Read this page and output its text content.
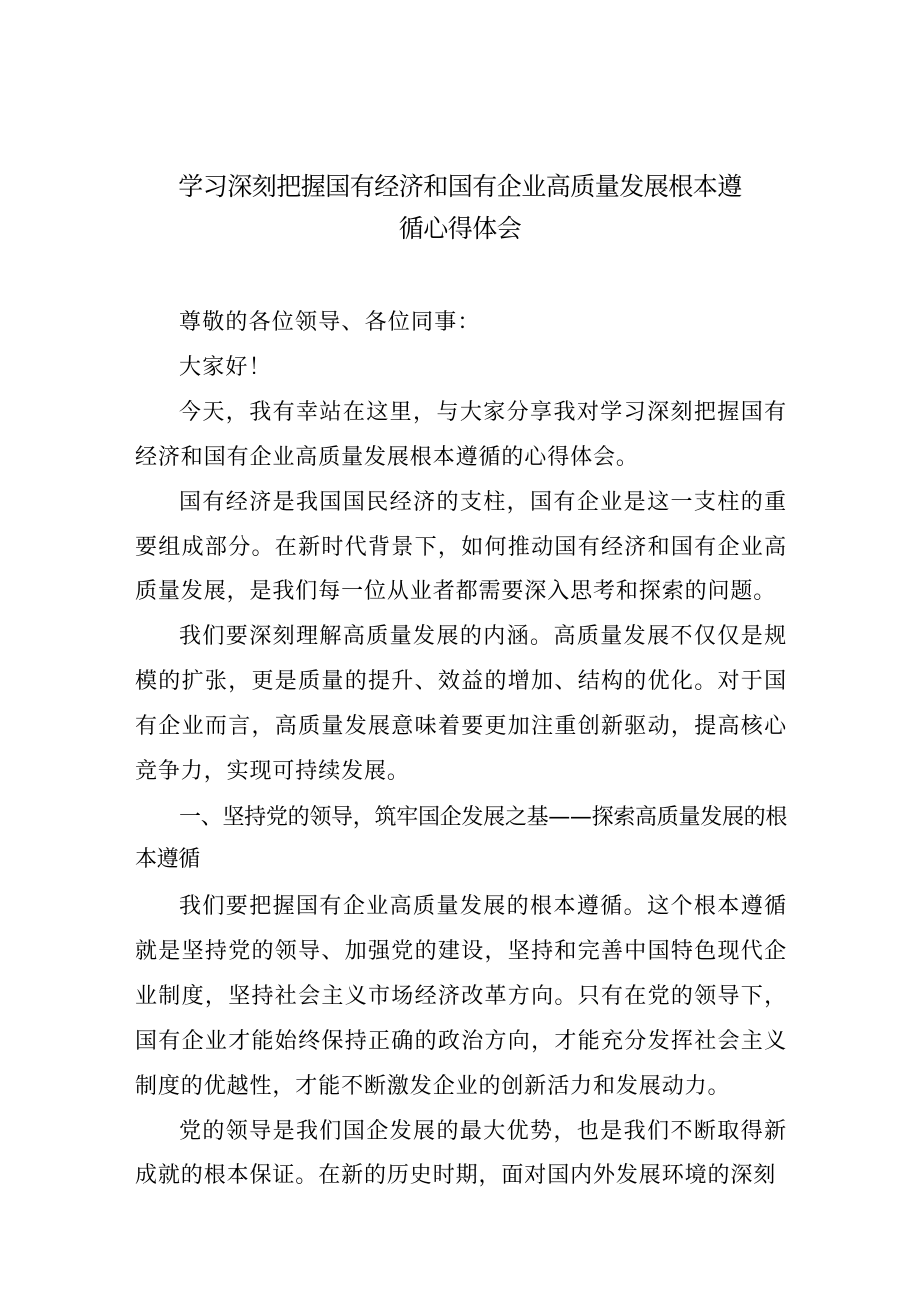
学习深刻把握国有经济和国有企业高质量发展根本遵
循心得体会

尊敬的各位领导、各位同事：

大家好！

今天，我有幸站在这里，与大家分享我对学习深刻把握国有经济和国有企业高质量发展根本遵循的心得体会。

国有经济是我国国民经济的支柱，国有企业是这一支柱的重要组成部分。在新时代背景下，如何推动国有经济和国有企业高质量发展，是我们每一位从业者都需要深入思考和探索的问题。

我们要深刻理解高质量发展的内涵。高质量发展不仅仅是规模的扩张，更是质量的提升、效益的增加、结构的优化。对于国有企业而言，高质量发展意味着要更加注重创新驱动，提高核心竞争力，实现可持续发展。

一、坚持党的领导，筑牢国企发展之基——探索高质量发展的根本遵循

我们要把握国有企业高质量发展的根本遵循。这个根本遵循就是坚持党的领导、加强党的建设，坚持和完善中国特色现代企业制度，坚持社会主义市场经济改革方向。只有在党的领导下，国有企业才能始终保持正确的政治方向，才能充分发挥社会主义制度的优越性，才能不断激发企业的创新活力和发展动力。

党的领导是我们国企发展的最大优势，也是我们不断取得新成就的根本保证。在新的历史时期，面对国内外发展环境的深刻
